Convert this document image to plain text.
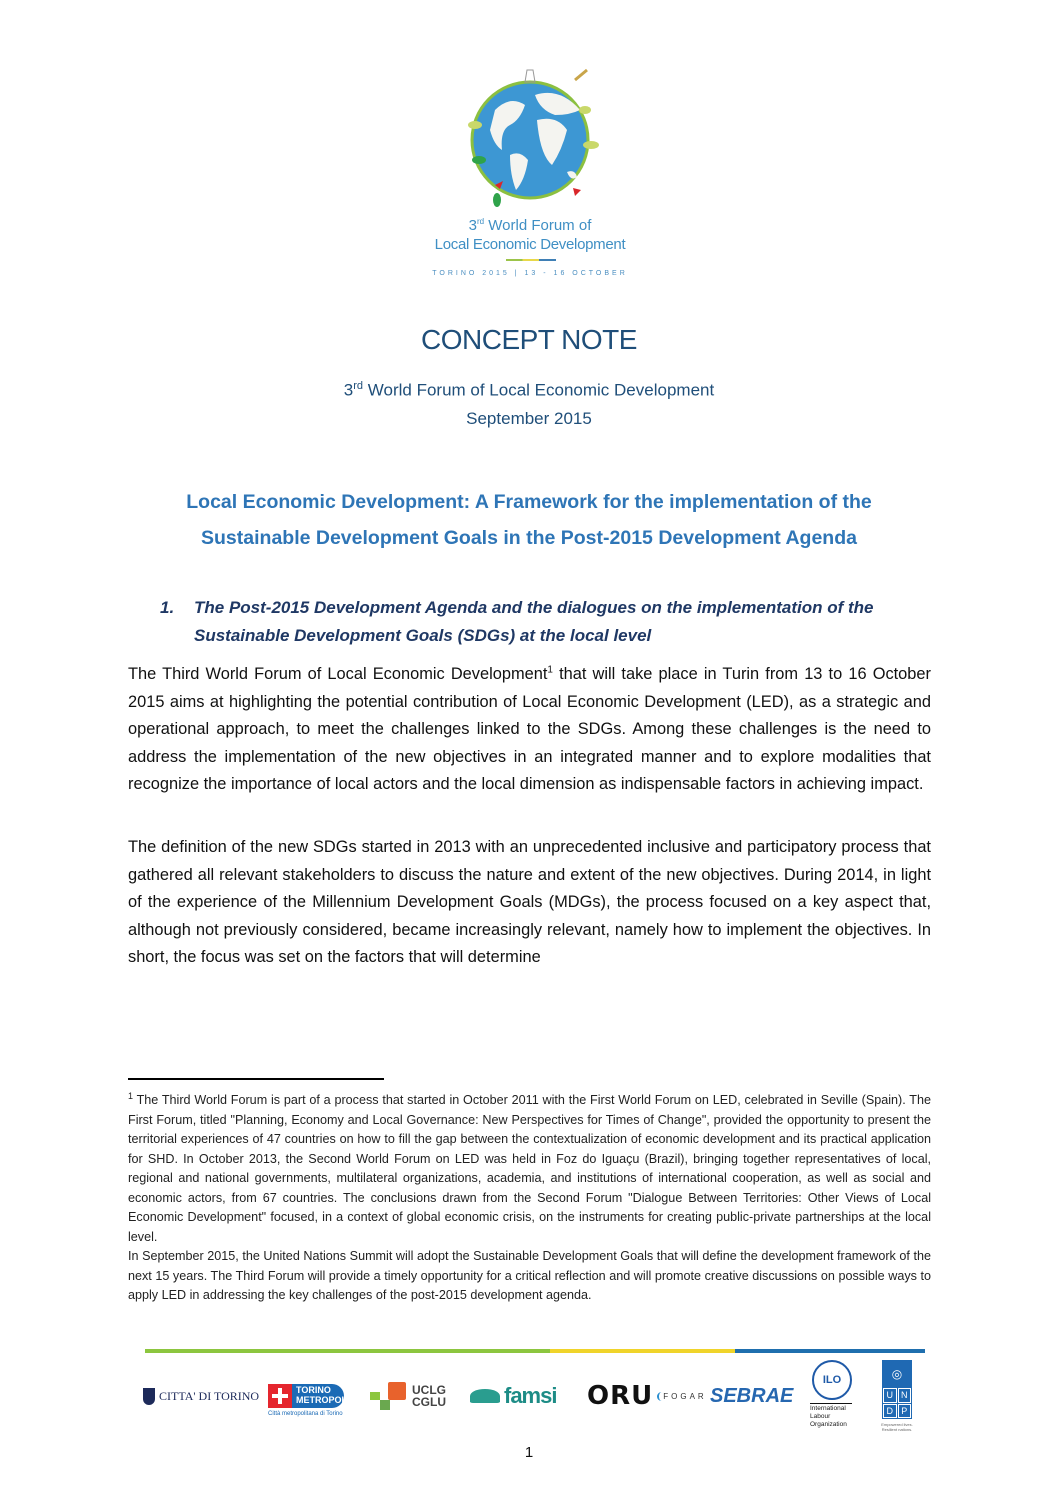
3rd World Forum of
Local Economic Development
TORINO 2015 | 13 - 16 OCTOBER
CONCEPT NOTE
3rd World Forum of Local Economic Development
September 2015
Local Economic Development: A Framework for the implementation of the
Sustainable Development Goals in the Post-2015 Development Agenda
1. The Post-2015 Development Agenda and the dialogues on the implementation of the
Sustainable Development Goals (SDGs) at the local level
The Third World Forum of Local Economic Development$^1$ that will take place in Turin from 13 to 16 October 2015 aims at highlighting the potential contribution of Local Economic Development (LED), as a strategic and operational approach, to meet the challenges linked to the SDGs. Among these challenges is the need to address the implementation of the new objectives in an integrated manner and to explore modalities that recognize the importance of local actors and the local dimension as indispensable factors in achieving impact.
The definition of the new SDGs started in 2013 with an unprecedented inclusive and participatory process that gathered all relevant stakeholders to discuss the nature and extent of the new objectives. During 2014, in light of the experience of the Millennium Development Goals (MDGs), the process focused on a key aspect that, although not previously considered, became increasingly relevant, namely how to implement the objectives. In short, the focus was set on the factors that will determine

$^1$ The Third World Forum is part of a process that started in October 2011 with the First World Forum on LED, celebrated in Seville (Spain). The First Forum, titled "Planning, Economy and Local Governance: New Perspectives for Times of Change", provided the opportunity to present the territorial experiences of 47 countries on how to fill the gap between the contextualization of economic development and its practical application for SHD. In October 2013, the Second World Forum on LED was held in Foz do Iguaçu (Brazil), bringing together representatives of local, regional and national governments, multilateral organizations, academia, and institutions of international cooperation, as well as social and economic actors, from 67 countries. The conclusions drawn from the Second Forum "Dialogue Between Territories: Other Views of Local Economic Development" focused, in a context of global economic crisis, on the instruments for creating public-private partnerships at the local level.

In September 2015, the United Nations Summit will adopt the Sustainable Development Goals that will define the development framework of the next 15 years. The Third Forum will provide a timely opportunity for a critical reflection and will promote creative discussions on possible ways to apply LED in addressing the key challenges of the post-2015 development agenda.

CITTA' DI TORINO	TORINO
METROPOLI
Città metropolitana di Torino
UCLG
CGLU	famsi ORU	FOGAR SEBRAE
ILO
International
Labour
Organization
◎
U N
D P
Empowered lives. Resilient nations.
1
